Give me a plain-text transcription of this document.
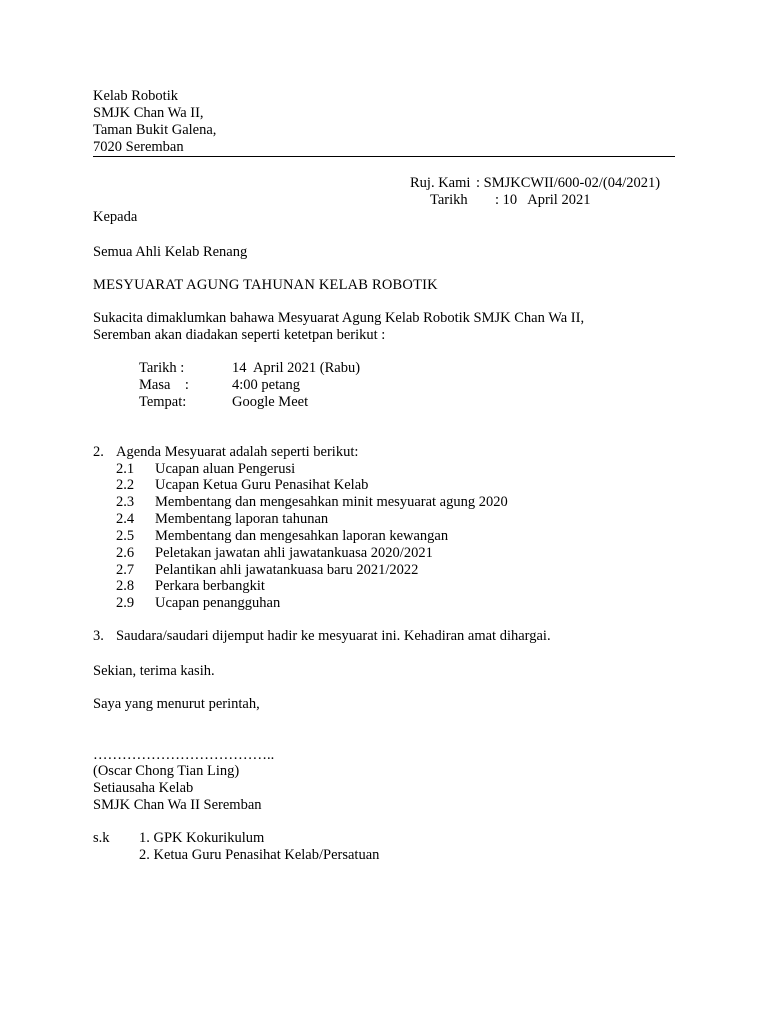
Kelab Robotik
SMJK Chan Wa II,
Taman Bukit Galena,
7020 Seremban
Ruj. Kami : SMJKCWII/600-02/(04/2021)
Tarikh : 10   April 2021
Kepada
Semua Ahli Kelab Renang
MESYUARAT AGUNG TAHUNAN KELAB ROBOTIK
Sukacita dimaklumkan bahawa Mesyuarat Agung Kelab Robotik SMJK Chan Wa II,
Seremban akan diadakan seperti ketetpan berikut :
Tarikh :	14  April 2021 (Rabu)
Masa    :	4:00 petang
Tempat:	Google Meet
2. Agenda Mesyuarat adalah seperti berikut:
2.1 Ucapan aluan Pengerusi
2.2 Ucapan Ketua Guru Penasihat Kelab
2.3 Membentang dan mengesahkan minit mesyuarat agung 2020
2.4 Membentang laporan tahunan
2.5 Membentang dan mengesahkan laporan kewangan
2.6 Peletakan jawatan ahli jawatankuasa 2020/2021
2.7 Pelantikan ahli jawatankuasa baru 2021/2022
2.8 Perkara berbangkit
2.9 Ucapan penangguhan
3. Saudara/saudari dijemput hadir ke mesyuarat ini. Kehadiran amat dihargai.
Sekian, terima kasih.
Saya yang menurut perintah,
………………………………..
(Oscar Chong Tian Ling)
Setiausaha Kelab
SMJK Chan Wa II Seremban
s.k 1. GPK Kokurikulum
2. Ketua Guru Penasihat Kelab/Persatuan
